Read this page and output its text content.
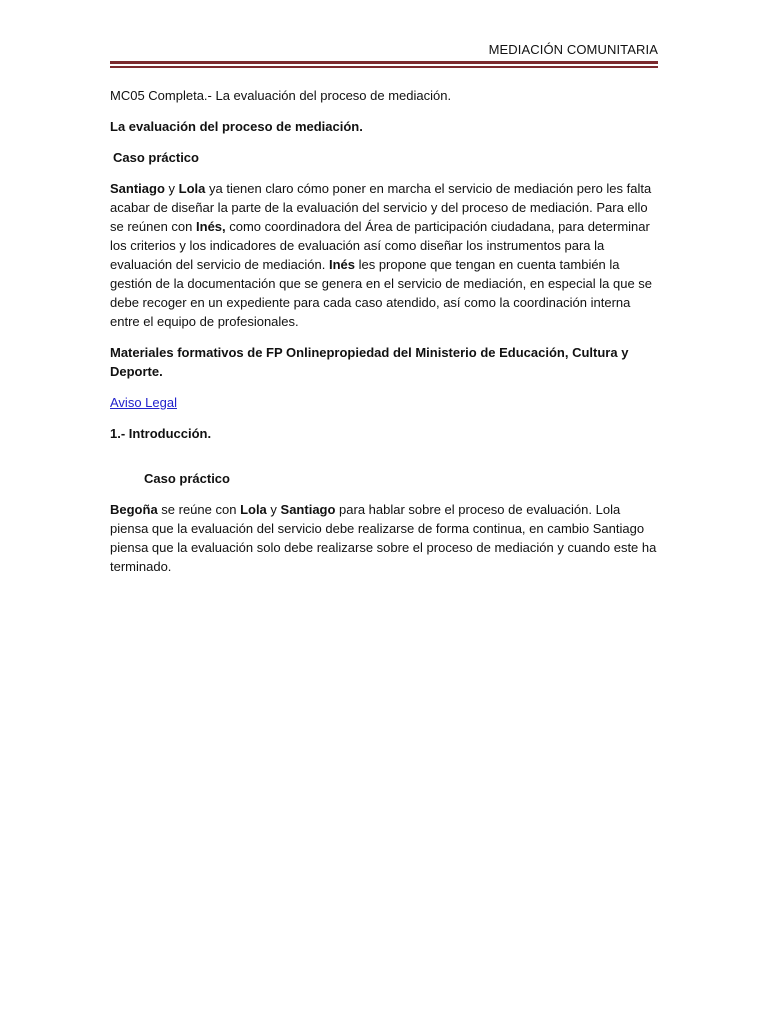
MEDIACIÓN COMUNITARIA

MC05 Completa.- La evaluación del proceso de mediación.

La evaluación del proceso de mediación.

Caso práctico

Santiago y Lola ya tienen claro cómo poner en marcha el servicio de mediación pero les falta acabar de diseñar la parte de la evaluación del servicio y del proceso de mediación. Para ello se reúnen con Inés, como coordinadora del Área de participación ciudadana, para determinar los criterios y los indicadores de evaluación así como diseñar los instrumentos para la evaluación del servicio de mediación. Inés les propone que tengan en cuenta también la gestión de la documentación que se genera en el servicio de mediación, en especial la que se debe recoger en un expediente para cada caso atendido, así como la coordinación interna entre el equipo de profesionales.

Materiales formativos de FP Onlinepropiedad del Ministerio de Educación, Cultura y Deporte.

Aviso Legal

1.- Introducción.

Caso práctico

Begoña se reúne con Lola y Santiago para hablar sobre el proceso de evaluación. Lola piensa que la evaluación del servicio debe realizarse de forma continua, en cambio Santiago piensa que la evaluación solo debe realizarse sobre el proceso de mediación y cuando este ha terminado.
